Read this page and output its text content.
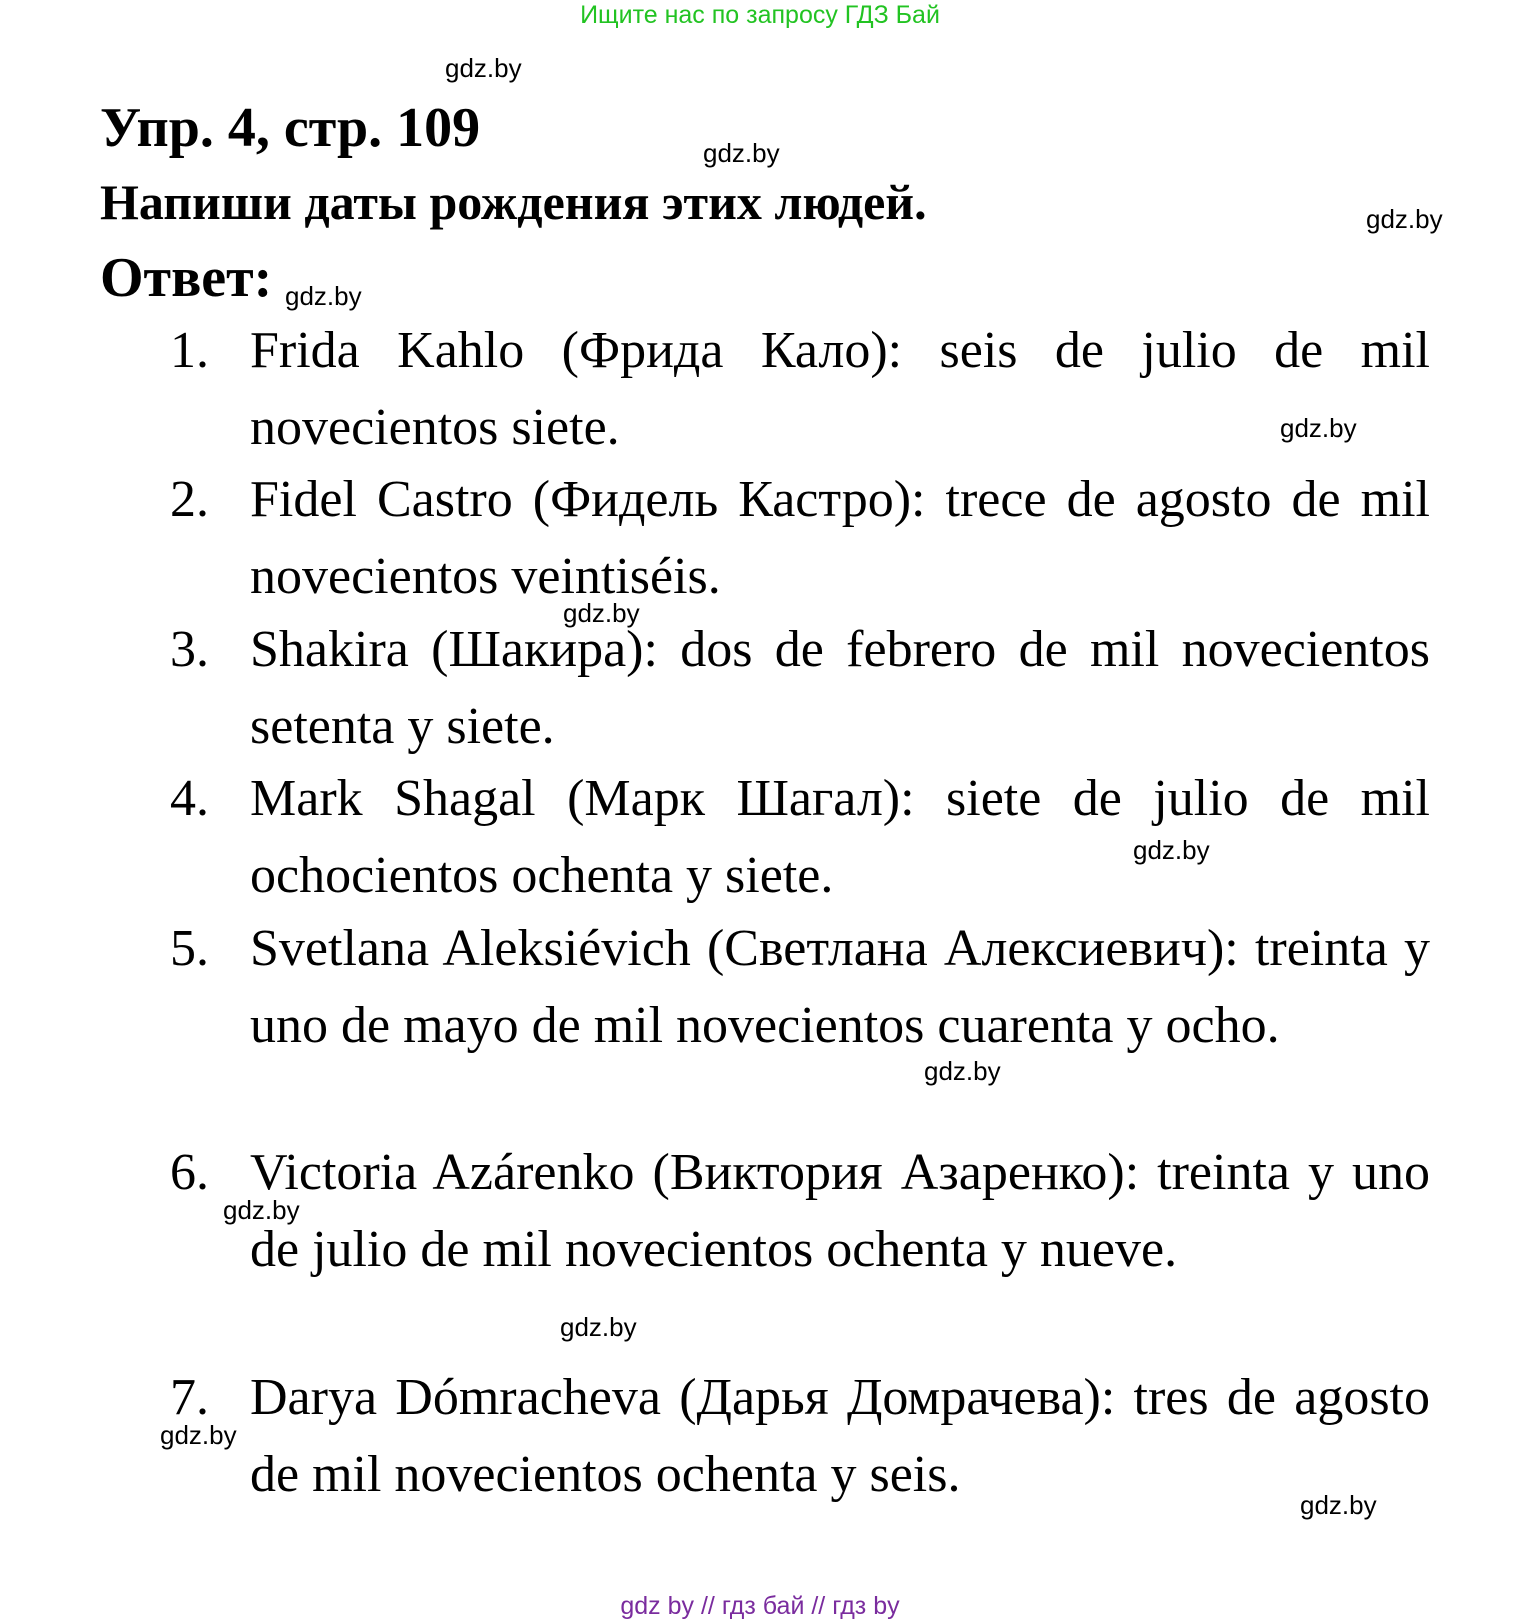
Ищите нас по запросу ГДЗ Бай
gdz.by
gdz.by
gdz.by
gdz.by
gdz.by
gdz.by
gdz.by
gdz.by
gdz.by
gdz.by
gdz.by
gdz.by
Упр. 4, стр. 109
Напиши даты рождения этих людей.
Ответ:
1. Frida Kahlo (Фрида Кало): seis de julio de mil novecientos siete.
2. Fidel Castro (Фидель Кастро): trece de agosto de mil novecientos veintiséis.
3. Shakira (Шакира): dos de febrero de mil novecientos setenta y siete.
4. Mark Shagal (Марк Шагал): siete de julio de mil ochocientos ochenta y siete.
5. Svetlana Aleksiévich (Светлана Алексиевич): treinta y uno de mayo de mil novecientos cuarenta y ocho.
6. Victoria Azárenko (Виктория Азаренко): treinta y uno de julio de mil novecientos ochenta y nueve.
7. Darya Dómracheva (Дарья Домрачева): tres de agosto de mil novecientos ochenta y seis.
gdz by // гдз бай // гдз by
